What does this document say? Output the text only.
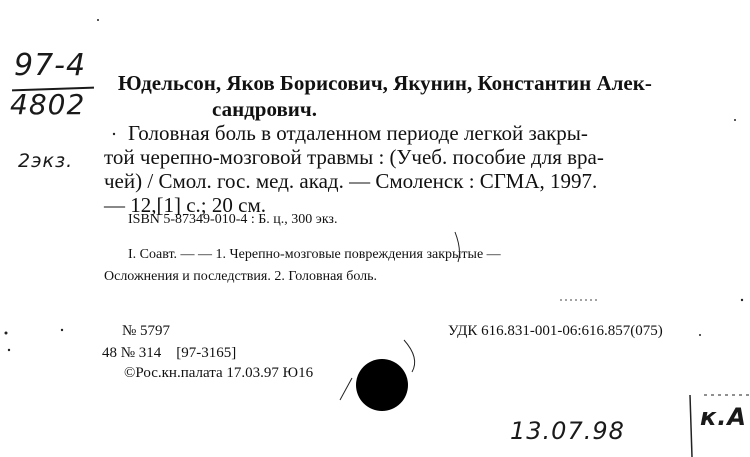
97-4
4802
2экз.
Юдельсон, Яков Борисович, Якунин, Константин Алек-
сандрович.
Головная боль в отдаленном периоде легкой закры-
той черепно-мозговой травмы : (Учеб. пособие для вра-
чей) / Смол. гос. мед. акад. — Смоленск : СГМА, 1997.
— 12,[1] с.; 20 см.
ISBN 5-87349-010-4 : Б. ц., 300 экз.
I. Соавт. — — 1. Черепно-мозговые повреждения закрытые —
Осложнения и последствия. 2. Головная боль.
№ 5797	УДК 616.831-001-06:616.857(075)
48 № 314    [97-3165]
©Рос.кн.палата 17.03.97 Ю16
13.07.98	к.А
